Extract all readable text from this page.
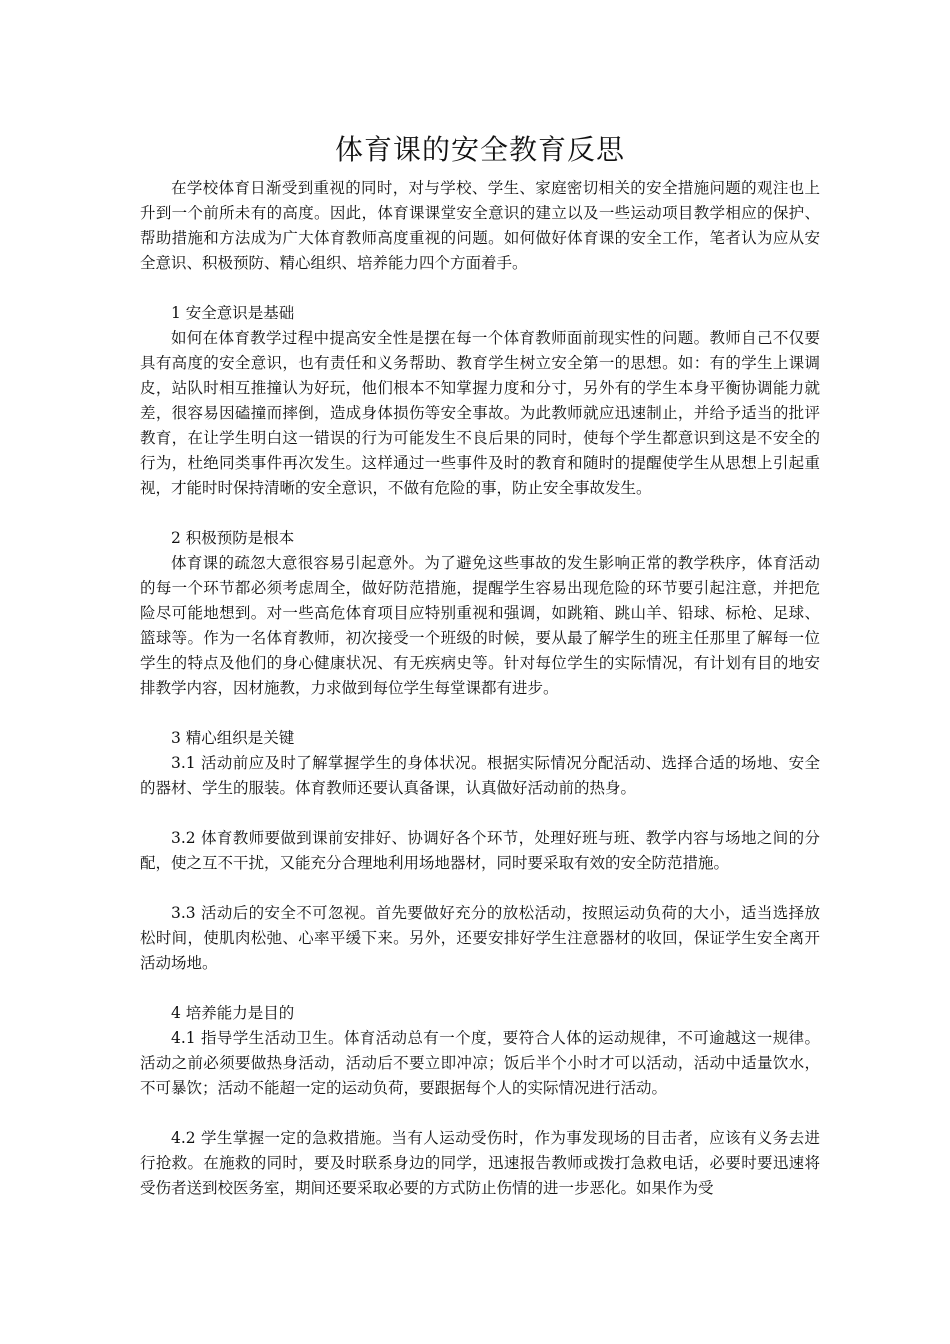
体育课的安全教育反思

在学校体育日渐受到重视的同时，对与学校、学生、家庭密切相关的安全措施问题的观注也上升到一个前所未有的高度。因此，体育课课堂安全意识的建立以及一些运动项目教学相应的保护、帮助措施和方法成为广大体育教师高度重视的问题。如何做好体育课的安全工作，笔者认为应从安全意识、积极预防、精心组织、培养能力四个方面着手。

1 安全意识是基础

如何在体育教学过程中提高安全性是摆在每一个体育教师面前现实性的问题。教师自己不仅要具有高度的安全意识，也有责任和义务帮助、教育学生树立安全第一的思想。如：有的学生上课调皮，站队时相互推撞认为好玩，他们根本不知掌握力度和分寸，另外有的学生本身平衡协调能力就差，很容易因磕撞而摔倒，造成身体损伤等安全事故。为此教师就应迅速制止，并给予适当的批评教育，在让学生明白这一错误的行为可能发生不良后果的同时，使每个学生都意识到这是不安全的行为，杜绝同类事件再次发生。这样通过一些事件及时的教育和随时的提醒使学生从思想上引起重视，才能时时保持清晰的安全意识，不做有危险的事，防止安全事故发生。

2 积极预防是根本

体育课的疏忽大意很容易引起意外。为了避免这些事故的发生影响正常的教学秩序，体育活动的每一个环节都必须考虑周全，做好防范措施，提醒学生容易出现危险的环节要引起注意，并把危险尽可能地想到。对一些高危体育项目应特别重视和强调，如跳箱、跳山羊、铅球、标枪、足球、篮球等。作为一名体育教师，初次接受一个班级的时候，要从最了解学生的班主任那里了解每一位学生的特点及他们的身心健康状况、有无疾病史等。针对每位学生的实际情况，有计划有目的地安排教学内容，因材施教，力求做到每位学生每堂课都有进步。

3 精心组织是关键

3.1 活动前应及时了解掌握学生的身体状况。根据实际情况分配活动、选择合适的场地、安全的器材、学生的服装。体育教师还要认真备课，认真做好活动前的热身。

3.2 体育教师要做到课前安排好、协调好各个环节，处理好班与班、教学内容与场地之间的分配，使之互不干扰，又能充分合理地利用场地器材，同时要采取有效的安全防范措施。

3.3 活动后的安全不可忽视。首先要做好充分的放松活动，按照运动负荷的大小，适当选择放松时间，使肌肉松弛、心率平缓下来。另外，还要安排好学生注意器材的收回，保证学生安全离开活动场地。

4 培养能力是目的

4.1 指导学生活动卫生。体育活动总有一个度，要符合人体的运动规律，不可逾越这一规律。活动之前必须要做热身活动，活动后不要立即冲凉；饭后半个小时才可以活动，活动中适量饮水，不可暴饮；活动不能超一定的运动负荷，要跟据每个人的实际情况进行活动。

4.2 学生掌握一定的急救措施。当有人运动受伤时，作为事发现场的目击者，应该有义务去进行抢救。在施救的同时，要及时联系身边的同学，迅速报告教师或拨打急救电话，必要时要迅速将受伤者送到校医务室，期间还要采取必要的方式防止伤情的进一步恶化。如果作为受
